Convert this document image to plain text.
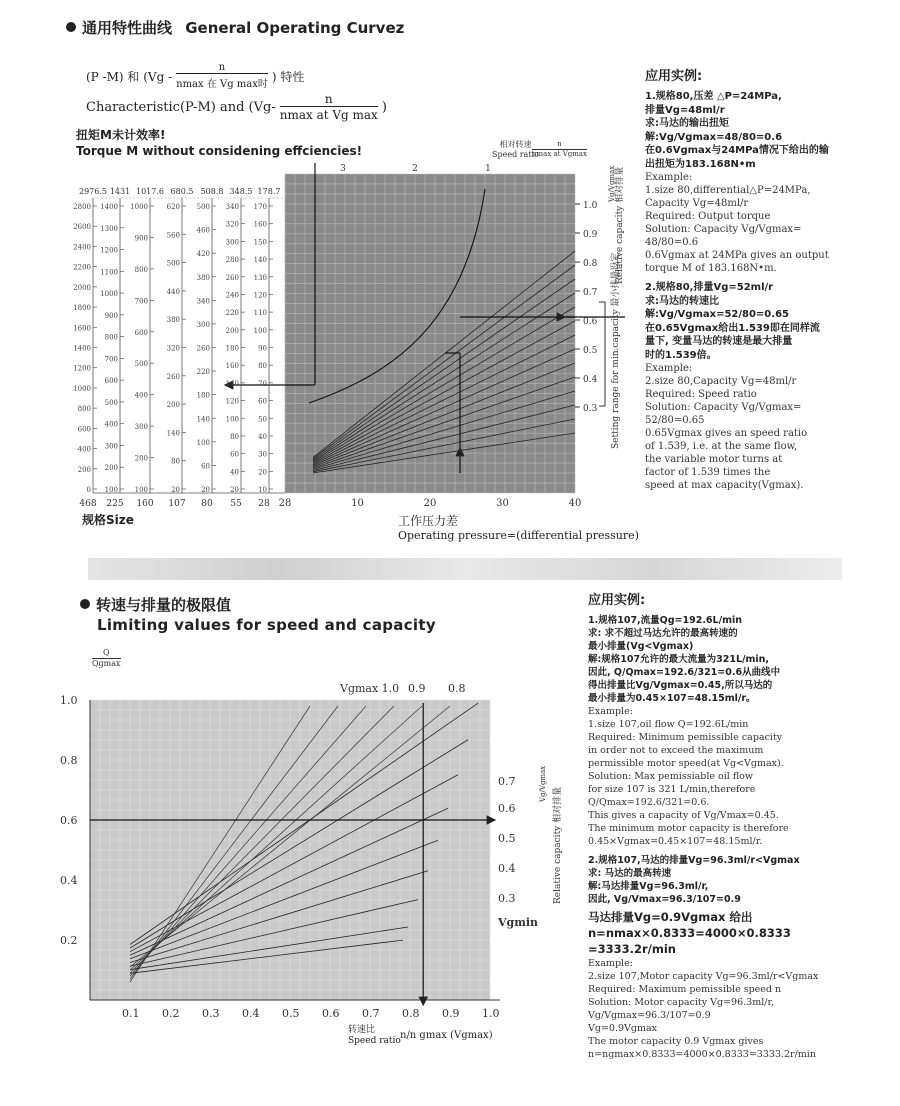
通用特性曲线 General Operating Curvez
(P -M) 和 (Vg -
n
nmax 在 Vg max时
) 特性
Characteristic(P-M) and (Vg-
n
nmax at Vg max
)
扭矩M未计效率!
Torque M without considening effciencies!	相对转速
Speed ratio
n
nmax at Vgmax
28	10	20	30	40
3	2	1
1.0
0.9
0.8
0.7
0.6
0.5
0.4
0.3
Relative capacity 相对排量
Setting range for min.capacity 最小排量设定
Vg/Vgmax
2976.5
468
2800
2600
2400
2200
2000
1800
1600
1400
1200
1000
800
600
400
200
0
1431
225
1400
1300
1200
1100
1000
900
800
700
600
500
400
300
200
100
1017.6
160
1000
900
800
700
600
500
400
300
200
100
680.5
107
620
560
500
440
380
320
260
200
140
80
20
508.8
80
500
460
420
380
340
300
260
220
180
140
100
60
20
348.5
55
340
320
300
280
260
240
220
200
180
160
140
120
100
80
60
40
20
178.7
28
170
160
150
140
130
120
110
100
90
80
70
60
50
40
30
20
10
规格Size	工作压力差
Operating pressure=(differential pressure)
应用实例:
1.规格80,压差 △P=24MPa,
排量Vg=48ml/r
求:马达的输出扭矩
解:Vg/Vgmax=48/80=0.6
在0.6Vgmax与24MPa情况下给出的输
出扭矩为183.168N•m
Example:
1.size 80,differential△P=24MPa,
Capacity Vg=48ml/r
Required: Output torque
Solution: Capacity Vg/Vgmax=
48/80=0.6
0.6Vgmax at 24MPa gives an output
torque M of 183.168N•m.
2.规格80,排量Vg=52ml/r
求:马达的转速比
解:Vg/Vgmax=52/80=0.65
在0.65Vgmax给出1.539即在同样流
量下, 变量马达的转速是最大排量
时的1.539倍。
Example:
2.size 80,Capacity Vg=48ml/r
Required: Speed ratio
Solution: Capacity Vg/Vgmax=
52/80=0.65
0.65Vgmax gives an speed ratio
of 1.539, i.e. at the same flow,
the variable motor turns at
factor of 1.539 times the
speed at max capacity(Vgmax).
转速与排量的极限值
Limiting values for speed and capacity
Q
Qgmax
1.0
0.8
0.6
0.4
0.2
0.1 0.2 0.3 0.4 0.5 0.6 0.7 0.8 0.9 1.0
Vgmax 1.0 0.9 0.8
0.7
0.6
0.5
0.4
0.3
Vgmin
Relative capacity 相对排量
Vg/Vgmax
转速比
Speed ratio n/n gmax (Vgmax)
应用实例:
1.规格107,流量Qg=192.6L/min
求: 求不超过马达允许的最高转速的
最小排量(Vg<Vgmax)
解:规格107允许的最大流量为321L/min,
因此, Q/Qmax=192.6/321=0.6从曲线中
得出排量比Vg/Vgmax=0.45,所以马达的
最小排量为0.45×107=48.15ml/r。
Example:
1.size 107,oil flow Q=192.6L/min
Required: Minimum pemissible capacity
in order not to exceed the maximum
permissible motor speed(at Vg<Vgmax).
Solution: Max pemissiable oil flow
for size 107 is 321 L/min,therefore
Q/Qmax=192.6/321=0.6.
This gives a capacity of Vg/Vmax=0.45.
The minimum motor capacity is therefore
0.45×Vgmax=0.45×107=48.15ml/r.
2.规格107,马达的排量Vg=96.3ml/r<Vgmax
求: 马达的最高转速
解:马达排量Vg=96.3ml/r,
因此, Vg/Vmax=96.3/107=0.9
马达排量Vg=0.9Vgmax 给出
n=nmax×0.8333=4000×0.8333
=3333.2r/min
Example:
2.size 107,Motor capacity Vg=96.3ml/r<Vgmax
Required: Maximum pemissible speed n
Solution: Motor capacity Vg=96.3ml/r,
Vg/Vgmax=96.3/107=0.9
Vg=0.9Vgmax
The motor capacity 0.9 Vgmax gives
n=ngmax×0.8333=4000×0.8333=3333.2r/min
